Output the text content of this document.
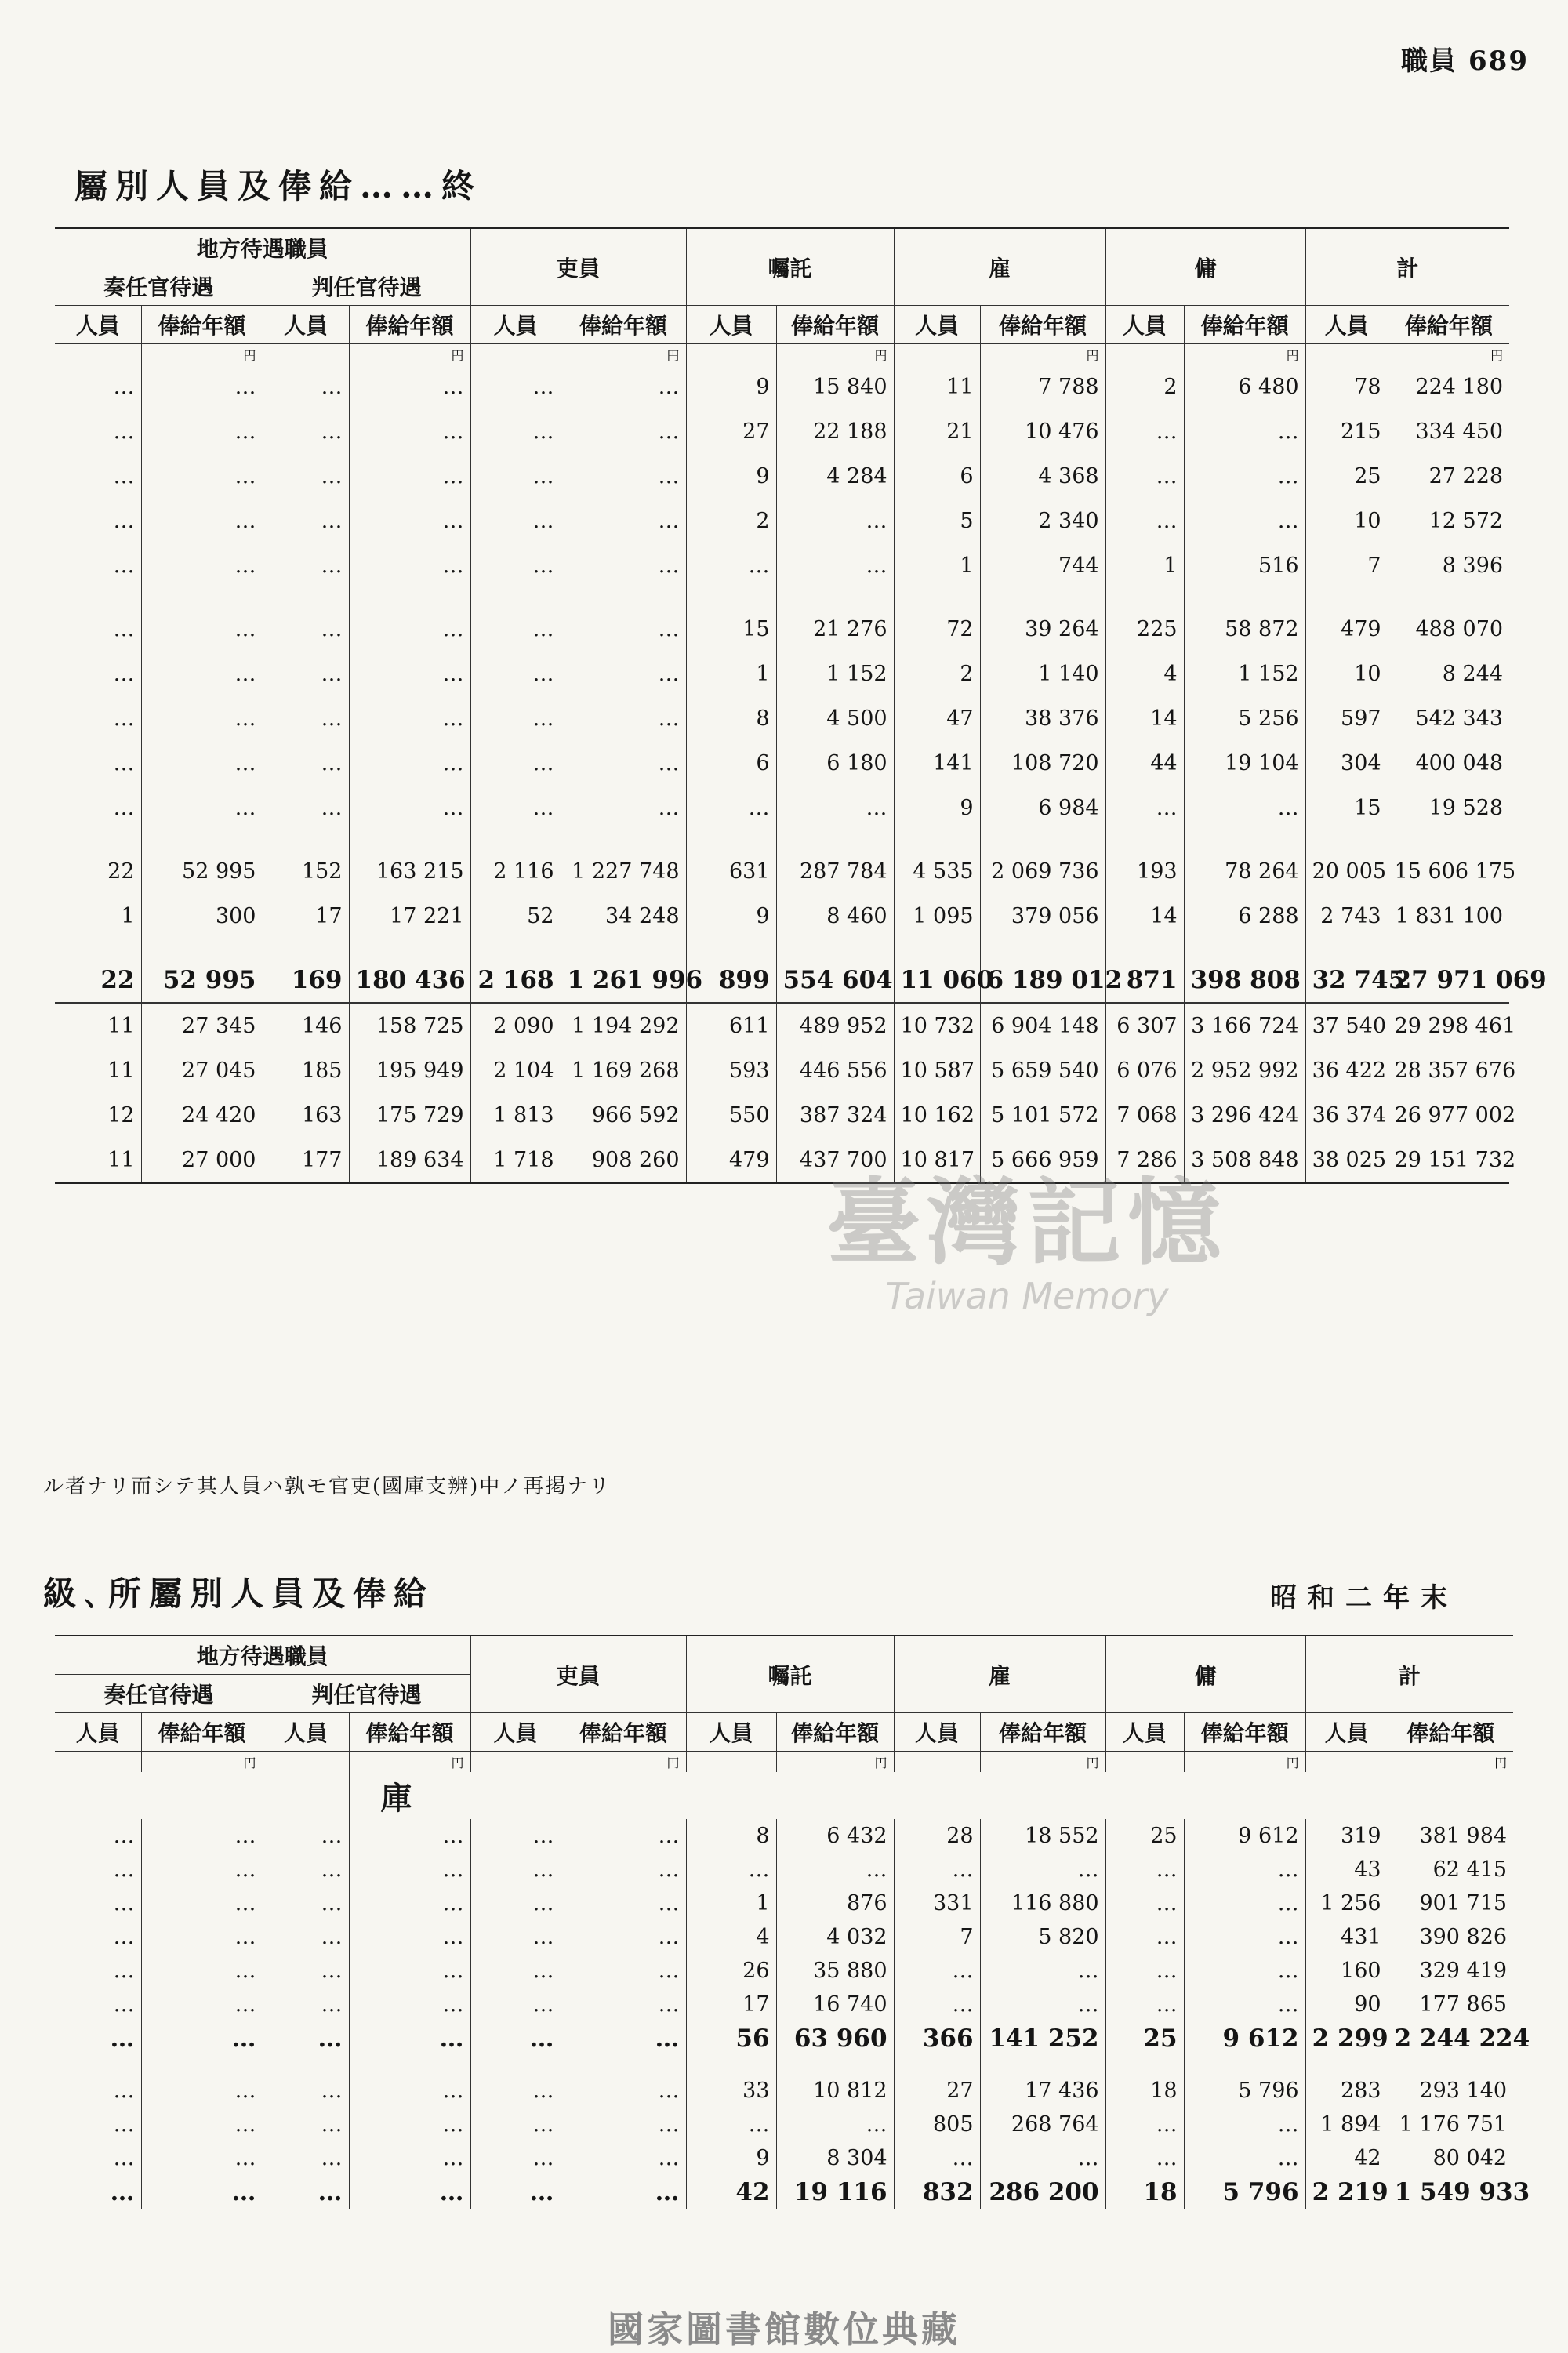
職員 689
屬別人員及俸給……終
地方待遇職員				吏員		囑託		雇		傭		計	
奏任官待遇		判任官待遇											
人員	俸給年額	人員	俸給年額	人員	俸給年額	人員	俸給年額	人員	俸給年額	人員	俸給年額	人員	俸給年額
	円		円		円		円		円		円		円
…	…	…	…	…	…	9	15 840	11	7 788	2	6 480	78	224 180
…	…	…	…	…	…	27	22 188	21	10 476	…	…	215	334 450
…	…	…	…	…	…	9	4 284	6	4 368	…	…	25	27 228
…	…	…	…	…	…	2	…	5	2 340	…	…	10	12 572
…	…	…	…	…	…	…	…	1	744	1	516	7	8 396

…	…	…	…	…	…	15	21 276	72	39 264	225	58 872	479	488 070
…	…	…	…	…	…	1	1 152	2	1 140	4	1 152	10	8 244
…	…	…	…	…	…	8	4 500	47	38 376	14	5 256	597	542 343
…	…	…	…	…	…	6	6 180	141	108 720	44	19 104	304	400 048
…	…	…	…	…	…	…	…	9	6 984	…	…	15	19 528

22	52 995	152	163 215	2 116	1 227 748	631	287 784	4 535	2 069 736	193	78 264	20 005	15 606 175
1	300	17	17 221	52	34 248	9	8 460	1 095	379 056	14	6 288	2 743	1 831 100

22	52 995	169	180 436	2 168	1 261 996	899	554 604	11 060	6 189 012	871	398 808	32 745	27 971 069
11	27 345	146	158 725	2 090	1 194 292	611	489 952	10 732	6 904 148	6 307	3 166 724	37 540	29 298 461
11	27 045	185	195 949	2 104	1 169 268	593	446 556	10 587	5 659 540	6 076	2 952 992	36 422	28 357 676
12	24 420	163	175 729	1 813	966 592	550	387 324	10 162	5 101 572	7 068	3 296 424	36 374	26 977 002
11	27 000	177	189 634	1 718	908 260	479	437 700	10 817	5 666 959	7 286	3 508 848	38 025	29 151 732
ル者ナリ而シテ其人員ハ孰モ官吏(國庫支辨)中ノ再掲ナリ
級､所屬別人員及俸給	昭和二年末
地方待遇職員				吏員		囑託		雇		傭		計	
奏任官待遇		判任官待遇											
人員	俸給年額	人員	俸給年額	人員	俸給年額	人員	俸給年額	人員	俸給年額	人員	俸給年額	人員	俸給年額
	円		円		円		円		円		円		円
			庫										
…	…	…	…	…	…	8	6 432	28	18 552	25	9 612	319	381 984
…	…	…	…	…	…	…	…	…	…	…	…	43	62 415
…	…	…	…	…	…	1	876	331	116 880	…	…	1 256	901 715
…	…	…	…	…	…	4	4 032	7	5 820	…	…	431	390 826
…	…	…	…	…	…	26	35 880	…	…	…	…	160	329 419
…	…	…	…	…	…	17	16 740	…	…	…	…	90	177 865
…	…	…	…	…	…	56	63 960	366	141 252	25	9 612	2 299	2 244 224

…	…	…	…	…	…	33	10 812	27	17 436	18	5 796	283	293 140
…	…	…	…	…	…	…	…	805	268 764	…	…	1 894	1 176 751
…	…	…	…	…	…	9	8 304	…	…	…	…	42	80 042
…	…	…	…	…	…	42	19 116	832	286 200	18	5 796	2 219	1 549 933
臺灣記憶
Taiwan Memory
國家圖書館數位典藏
